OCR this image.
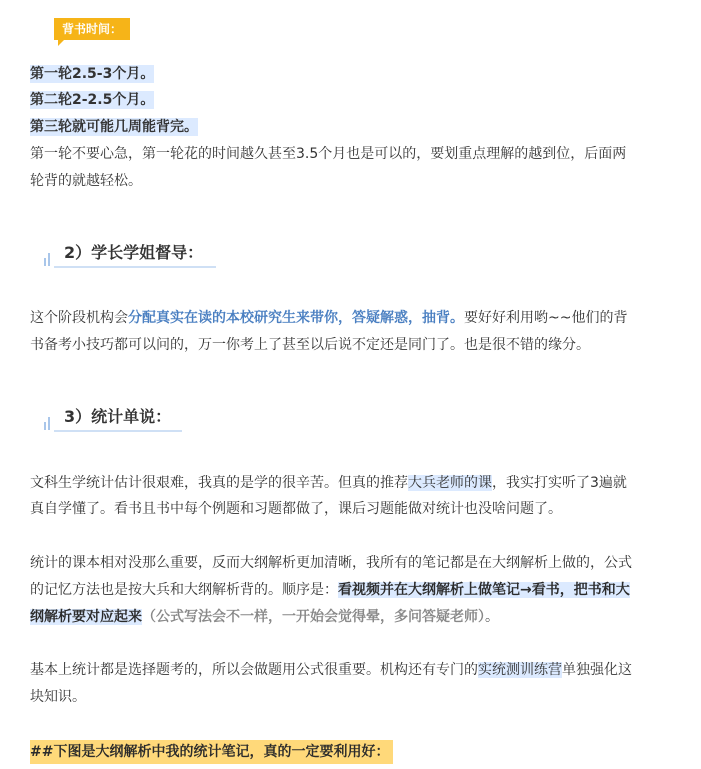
背书时间：
第一轮2.5-3个月。
第二轮2-2.5个月。
第三轮就可能几周能背完。
第一轮不要心急，第一轮花的时间越久甚至3.5个月也是可以的，要划重点理解的越到位，后面两
轮背的就越轻松。
2）学长学姐督导：
这个阶段机构会分配真实在读的本校研究生来带你，答疑解惑，抽背。要好好利用哟~~他们的背
书备考小技巧都可以问的，万一你考上了甚至以后说不定还是同门了。也是很不错的缘分。
3）统计单说：
文科生学统计估计很艰难，我真的是学的很辛苦。但真的推荐大兵老师的课，我实打实听了3遍就
真自学懂了。看书且书中每个例题和习题都做了，课后习题能做对统计也没啥问题了。
统计的课本相对没那么重要，反而大纲解析更加清晰，我所有的笔记都是在大纲解析上做的，公式
的记忆方法也是按大兵和大纲解析背的。顺序是：看视频并在大纲解析上做笔记→看书，把书和大
纲解析要对应起来（公式写法会不一样，一开始会觉得晕，多问答疑老师）。
基本上统计都是选择题考的，所以会做题用公式很重要。机构还有专门的实统测训练营单独强化这
块知识。
##下图是大纲解析中我的统计笔记，真的一定要利用好：
